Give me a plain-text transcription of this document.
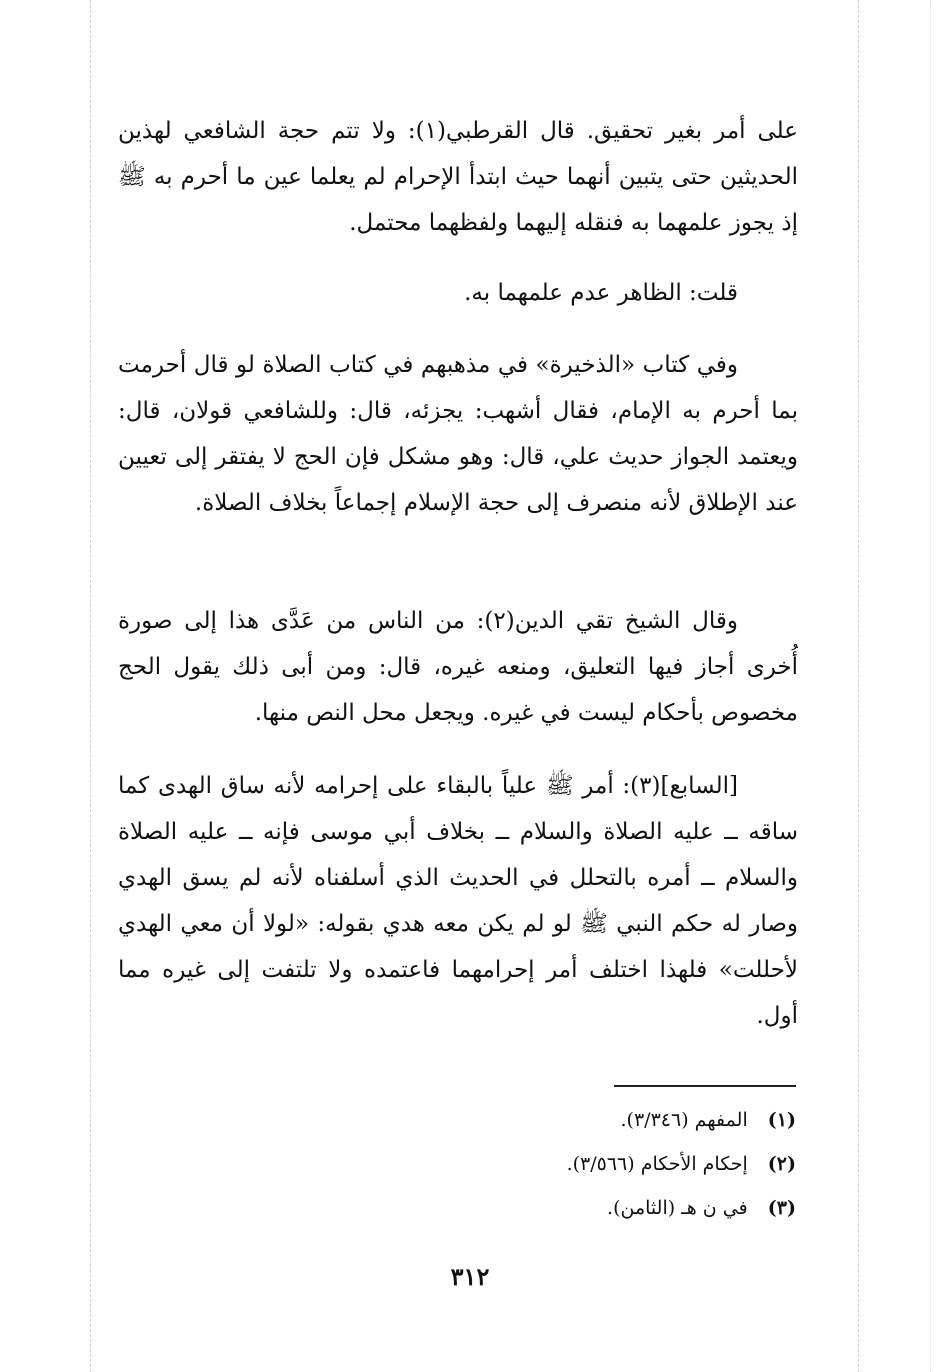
على أمر بغير تحقيق. قال القرطبي(١): ولا تتم حجة الشافعي لهذين الحديثين حتى يتبين أنهما حيث ابتدأ الإحرام لم يعلما عين ما أحرم به ﷺ إذ يجوز علمهما به فنقله إليهما ولفظهما محتمل.
قلت: الظاهر عدم علمهما به.
وفي كتاب «الذخيرة» في مذهبهم في كتاب الصلاة لو قال أحرمت بما أحرم به الإمام، فقال أشهب: يجزئه، قال: وللشافعي قولان، قال: ويعتمد الجواز حديث علي، قال: وهو مشكل فإن الحج لا يفتقر إلى تعيين عند الإطلاق لأنه منصرف إلى حجة الإسلام إجماعاً بخلاف الصلاة.
وقال الشيخ تقي الدين(٢): من الناس من عَدَّى هذا إلى صورة أُخرى أجاز فيها التعليق، ومنعه غيره، قال: ومن أبى ذلك يقول الحج مخصوص بأحكام ليست في غيره. ويجعل محل النص منها.
[السابع](٣): أمر ﷺ علياً بالبقاء على إحرامه لأنه ساق الهدى كما ساقه ــ عليه الصلاة والسلام ــ بخلاف أبي موسى فإنه ــ عليه الصلاة والسلام ــ أمره بالتحلل في الحديث الذي أسلفناه لأنه لم يسق الهدي وصار له حكم النبي ﷺ لو لم يكن معه هدي بقوله: «لولا أن معي الهدي لأحللت» فلهذا اختلف أمر إحرامهما فاعتمده ولا تلتفت إلى غيره مما أول.
(١) المفهم (٣/٣٤٦).
(٢) إحكام الأحكام (٣/٥٦٦).
(٣) في ن هـ (الثامن).
٣١٢
